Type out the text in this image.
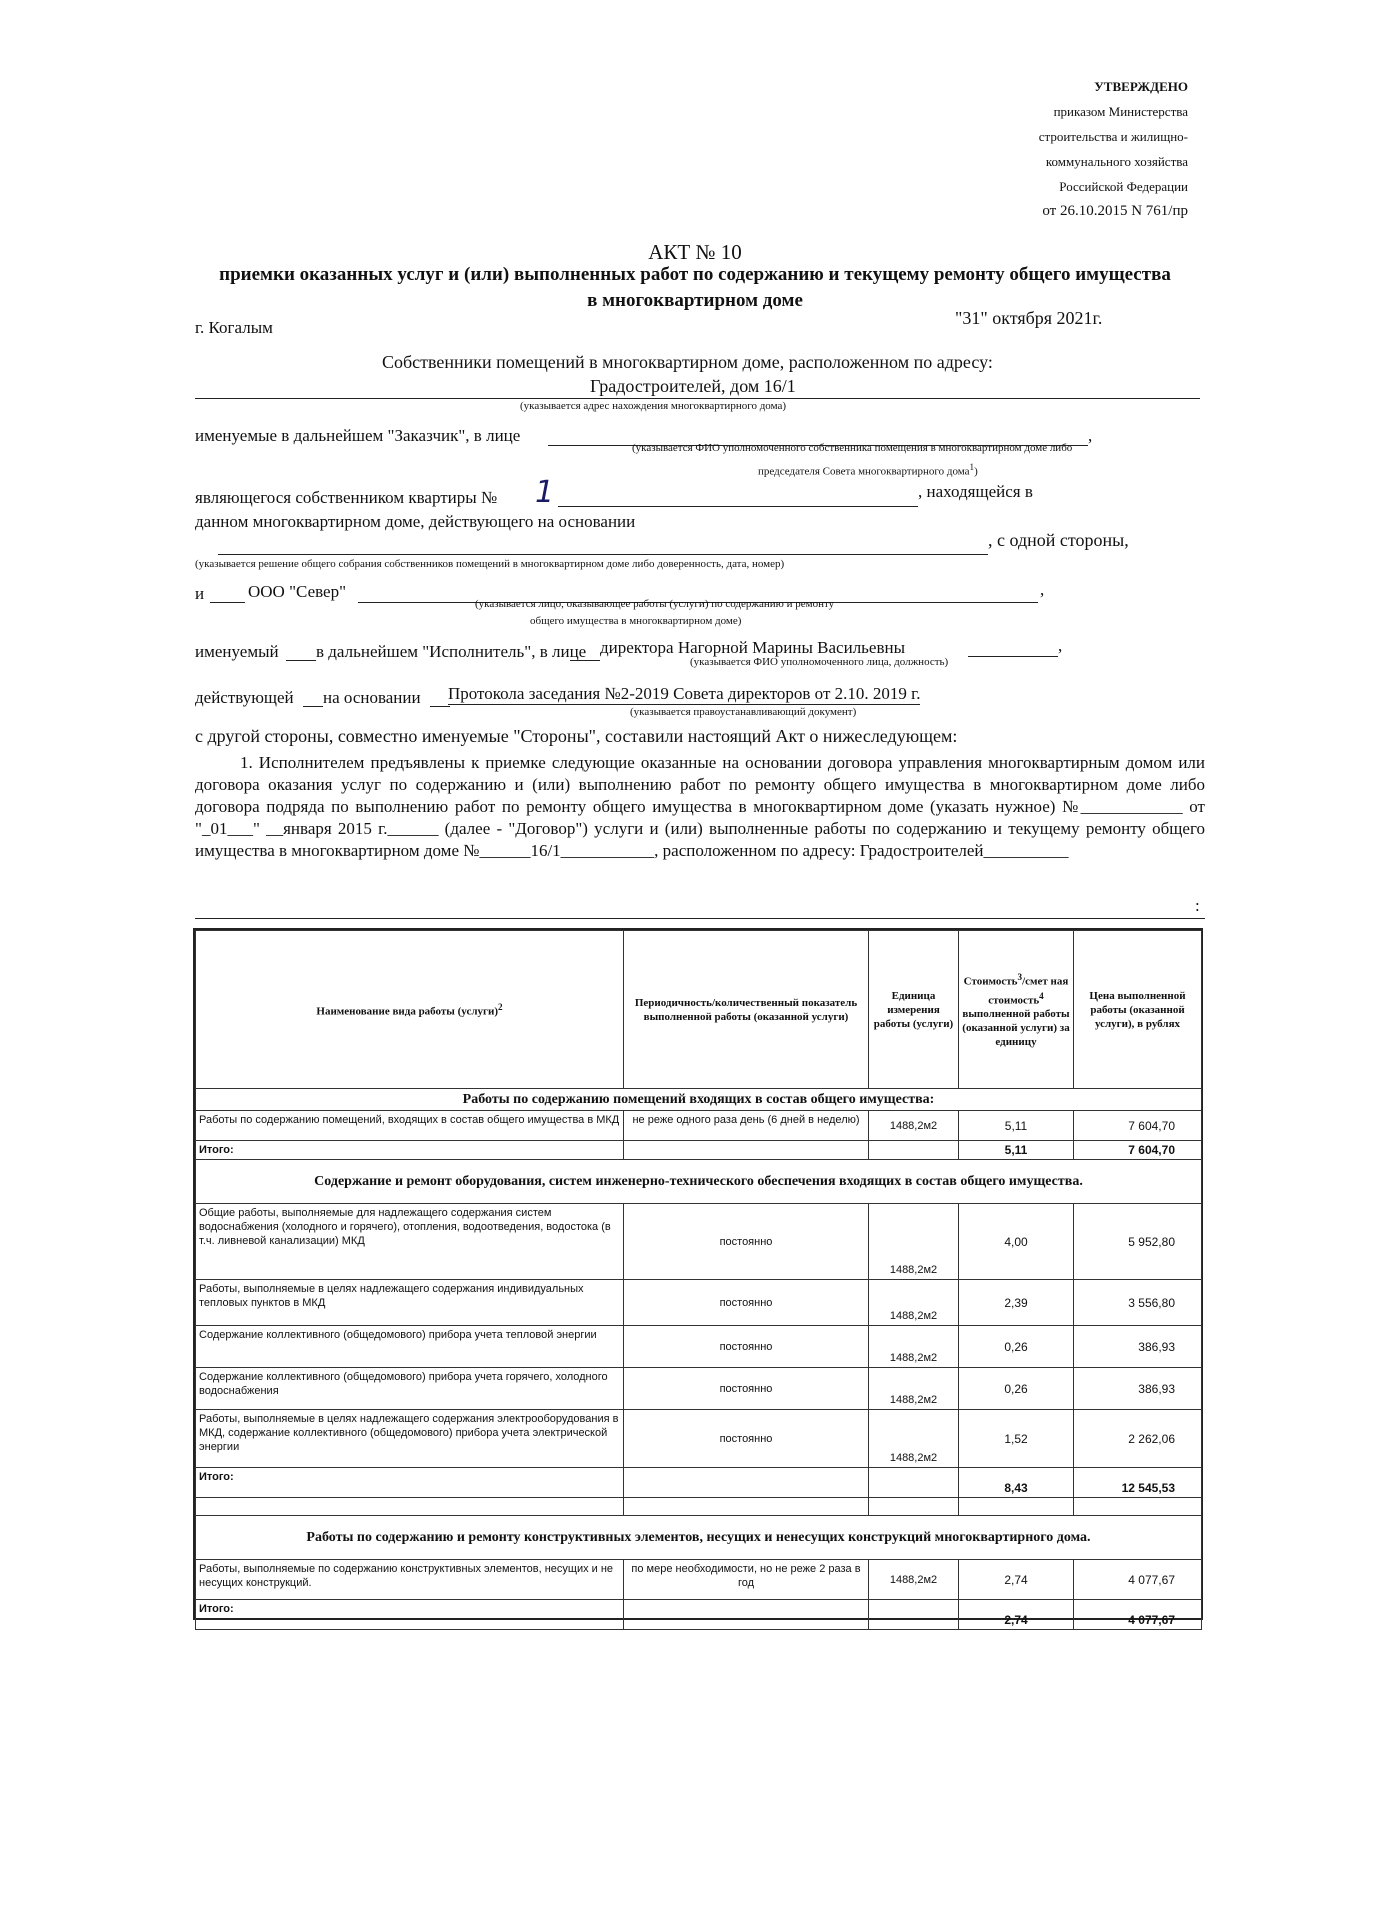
УТВЕРЖДЕНО
приказом Министерства
строительства и жилищно-
коммунального хозяйства
Российской Федерации
от 26.10.2015 N 761/пр
АКТ № 10
приемки оказанных услуг и (или) выполненных работ по содержанию и текущему ремонту общего имущества
в многоквартирном доме
г. Когалым	"31" октября 2021г.
Собственники помещений в многоквартирном доме, расположенном по адресу:
Градостроителей, дом 16/1
(указывается адрес нахождения многоквартирного дома)
именуемые в дальнейшем "Заказчик", в лице	,
(указывается ФИО уполномоченного собственника помещения в многоквартирном доме либо
председателя Совета многоквартирного дома$^1$)
являющегося собственником квартиры № 1	, находящейся в
данном многоквартирном доме, действующего на основании
, с одной стороны,
(указывается решение общего собрания собственников помещений в многоквартирном доме либо доверенность, дата, номер)
и	ООО "Север"	,
(указывается лицо, оказывающее работы (услуги) по содержанию и ремонту
общего имущества в многоквартирном доме)
именуемый в дальнейшем "Исполнитель", в лице директора Нагорной Марины Васильевны	,
(указывается ФИО уполномоченного лица, должность)
действующей на основании Протокола заседания №2-2019 Совета директоров от 2.10. 2019 г.
(указывается правоустанавливающий документ)
с другой стороны, совместно именуемые "Стороны", составили настоящий Акт о нижеследующем:
1. Исполнителем предъявлены к приемке следующие оказанные на основании договора управления многоквартирным домом или договора оказания услуг по содержанию и (или) выполнению работ по ремонту общего имущества в многоквартирном доме либо договора подряда по выполнению работ по ремонту общего имущества в многоквартирном доме (указать нужное) №____________ от "_01___" __января 2015 г.______ (далее - "Договор") услуги и (или) выполненные работы по содержанию и текущему ремонту общего имущества в многоквартирном доме №______16/1___________, расположенном по адресу: Градостроителей__________
:
Наименование вида работы (услуги)$^2$	Периодичность/количественный показатель выполненной работы (оказанной услуги)	Единица измерения работы (услуги)	Стоимость$^3$/смет ная стоимость$^4$ выполненной работы (оказанной услуги) за единицу	Цена выполненной работы (оказанной услуги), в рублях
Работы по содержанию помещений входящих в состав общего имущества:				
Работы по содержанию помещений, входящих в состав общего имущества в МКД	не реже одного раза день (6 дней в неделю)	1488,2м2	5,11	7 604,70
Итого:			5,11	7 604,70
Содержание и ремонт оборудования, систем инженерно-технического обеспечения входящих в состав общего имущества.				
Общие работы, выполняемые для надлежащего содержания систем водоснабжения (холодного и горячего), отопления, водоотведения, водостока (в т.ч. ливневой канализации) МКД	постоянно	1488,2м2	4,00	5 952,80
Работы, выполняемые в целях надлежащего содержания индивидуальных тепловых пунктов в МКД	постоянно	1488,2м2	2,39	3 556,80
Содержание коллективного (общедомового) прибора учета тепловой энергии	постоянно	1488,2м2	0,26	386,93
Содержание коллективного (общедомового) прибора учета горячего, холодного водоснабжения	постоянно	1488,2м2	0,26	386,93
Работы, выполняемые в целях надлежащего содержания электрооборудования в МКД, содержание коллективного (общедомового) прибора учета электрической энергии	постоянно	1488,2м2	1,52	2 262,06
Итого:			8,43	12 545,53

Работы по содержанию и ремонту конструктивных элементов, несущих и ненесущих конструкций многоквартирного дома.				
Работы, выполняемые по содержанию конструктивных элементов, несущих и не несущих конструкций.	по мере необходимости, но не реже 2 раза в год	1488,2м2	2,74	4 077,67
Итого:			2,74	4 077,67
